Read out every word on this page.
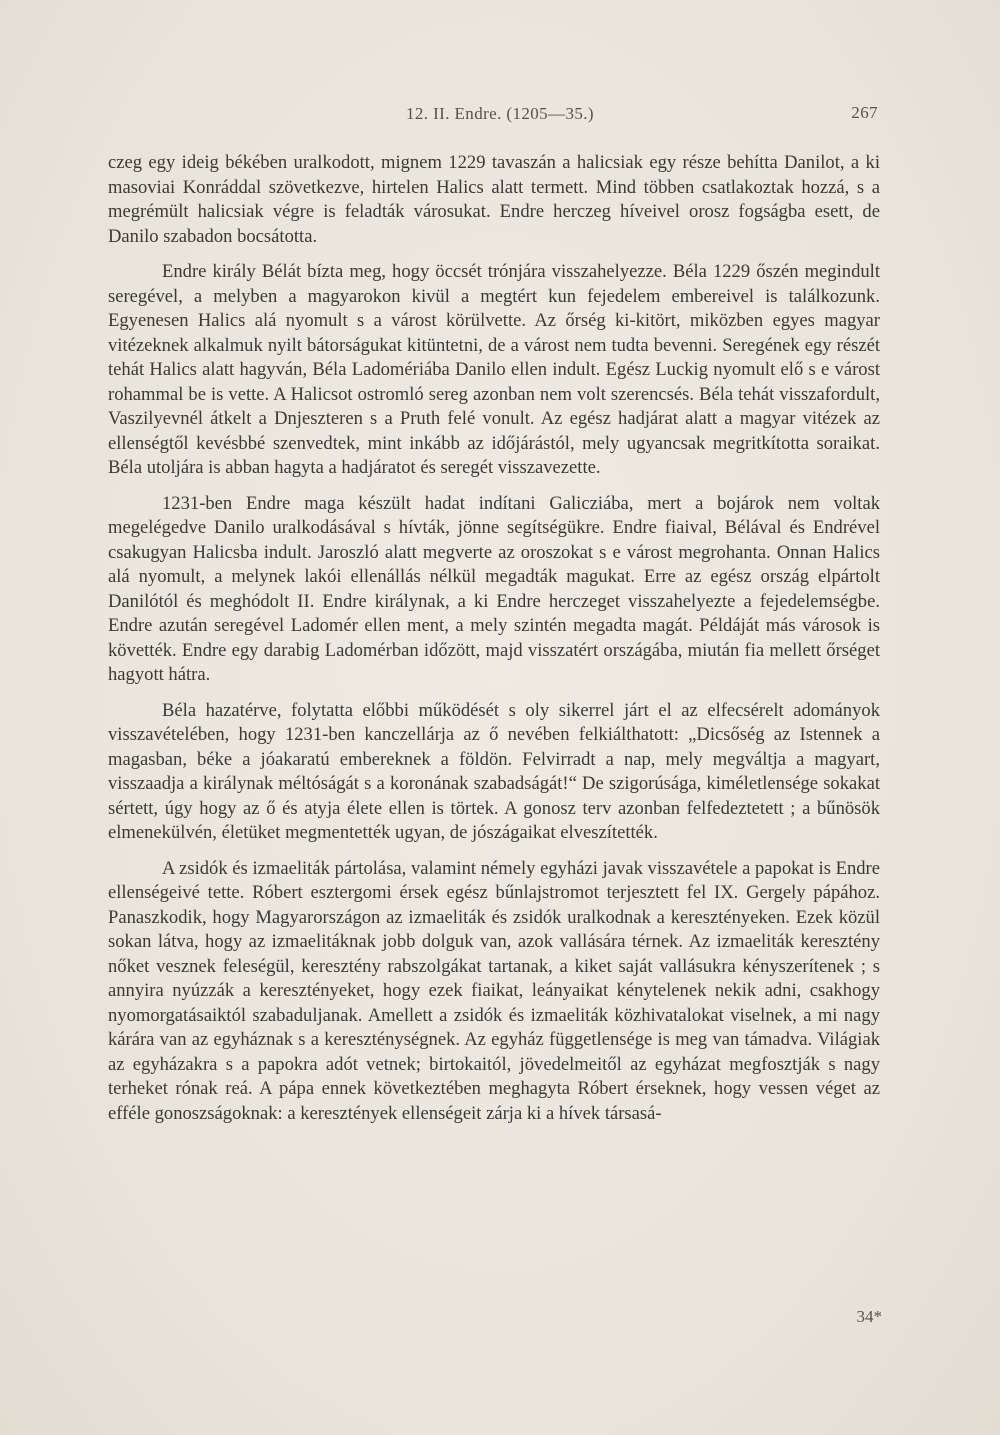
12. II. Endre. (1205—35.)	267

czeg egy ideig békében uralkodott, mignem 1229 tavaszán a halicsiak egy része behítta Danilot, a ki masoviai Konráddal szövetkezve, hirtelen Halics alatt termett. Mind többen csatlakoztak hozzá, s a megrémült halicsiak végre is feladták városukat. Endre herczeg híveivel orosz fogságba esett, de Danilo szabadon bocsátotta.

Endre király Bélát bízta meg, hogy öccsét trónjára visszahelyezze. Béla 1229 őszén megindult seregével, a melyben a magyarokon kivül a megtért kun fejedelem embereivel is találkozunk. Egyenesen Halics alá nyomult s a várost körülvette. Az őrség ki-kitört, miközben egyes magyar vitézeknek alkalmuk nyilt bátorságukat kitüntetni, de a várost nem tudta bevenni. Seregének egy részét tehát Halics alatt hagyván, Béla Ladomériába Danilo ellen indult. Egész Luckig nyomult elő s e várost rohammal be is vette. A Halicsot ostromló sereg azonban nem volt szerencsés. Béla tehát visszafordult, Vaszilyevnél átkelt a Dnjeszteren s a Pruth felé vonult. Az egész hadjárat alatt a magyar vitézek az ellenségtől kevésbbé szenvedtek, mint inkább az időjárástól, mely ugyancsak megritkította soraikat. Béla utoljára is abban hagyta a hadjáratot és seregét visszavezette.

1231-ben Endre maga készült hadat indítani Galicziába, mert a bojárok nem voltak megelégedve Danilo uralkodásával s hívták, jönne segítségükre. Endre fiaival, Bélával és Endrével csakugyan Halicsba indult. Jaroszló alatt megverte az oroszokat s e várost megrohanta. Onnan Halics alá nyomult, a melynek lakói ellenállás nélkül megadták magukat. Erre az egész ország elpártolt Danilótól és meghódolt II. Endre királynak, a ki Endre herczeget visszahelyezte a fejedelemségbe. Endre azután seregével Ladomér ellen ment, a mely szintén megadta magát. Példáját más városok is követték. Endre egy darabig Ladomérban időzött, majd visszatért országába, miután fia mellett őrséget hagyott hátra.

Béla hazatérve, folytatta előbbi működését s oly sikerrel járt el az elfecsérelt adományok visszavételében, hogy 1231-ben kanczellárja az ő nevében felkiálthatott: „Dicsőség az Istennek a magasban, béke a jóakaratú embereknek a földön. Felvirradt a nap, mely megváltja a magyart, visszaadja a királynak méltóságát s a koronának szabadságát!“ De szigorúsága, kiméletlensége sokakat sértett, úgy hogy az ő és atyja élete ellen is törtek. A gonosz terv azonban felfedeztetett ; a bűnösök elmenekülvén, életüket megmentették ugyan, de jószágaikat elveszítették.

A zsidók és izmaeliták pártolása, valamint némely egyházi javak visszavétele a papokat is Endre ellenségeivé tette. Róbert esztergomi érsek egész bűnlajstromot terjesztett fel IX. Gergely pápához. Panaszkodik, hogy Magyarországon az izmaeliták és zsidók uralkodnak a keresztényeken. Ezek közül sokan látva, hogy az izmaelitáknak jobb dolguk van, azok vallására térnek. Az izmaeliták keresztény nőket vesznek feleségül, keresztény rabszolgákat tartanak, a kiket saját vallásukra kényszerítenek ; s annyira nyúzzák a keresztényeket, hogy ezek fiaikat, leányaikat kénytelenek nekik adni, csakhogy nyomorgatásaiktól szabaduljanak. Amellett a zsidók és izmaeliták közhivatalokat viselnek, a mi nagy kárára van az egyháznak s a kereszténységnek. Az egyház függetlensége is meg van támadva. Világiak az egyházakra s a papokra adót vetnek; birtokaitól, jövedelmeitől az egyházat megfosztják s nagy terheket rónak reá. A pápa ennek következtében meghagyta Róbert érseknek, hogy vessen véget az efféle gonoszságoknak: a keresztények ellenségeit zárja ki a hívek társasá-

34*
